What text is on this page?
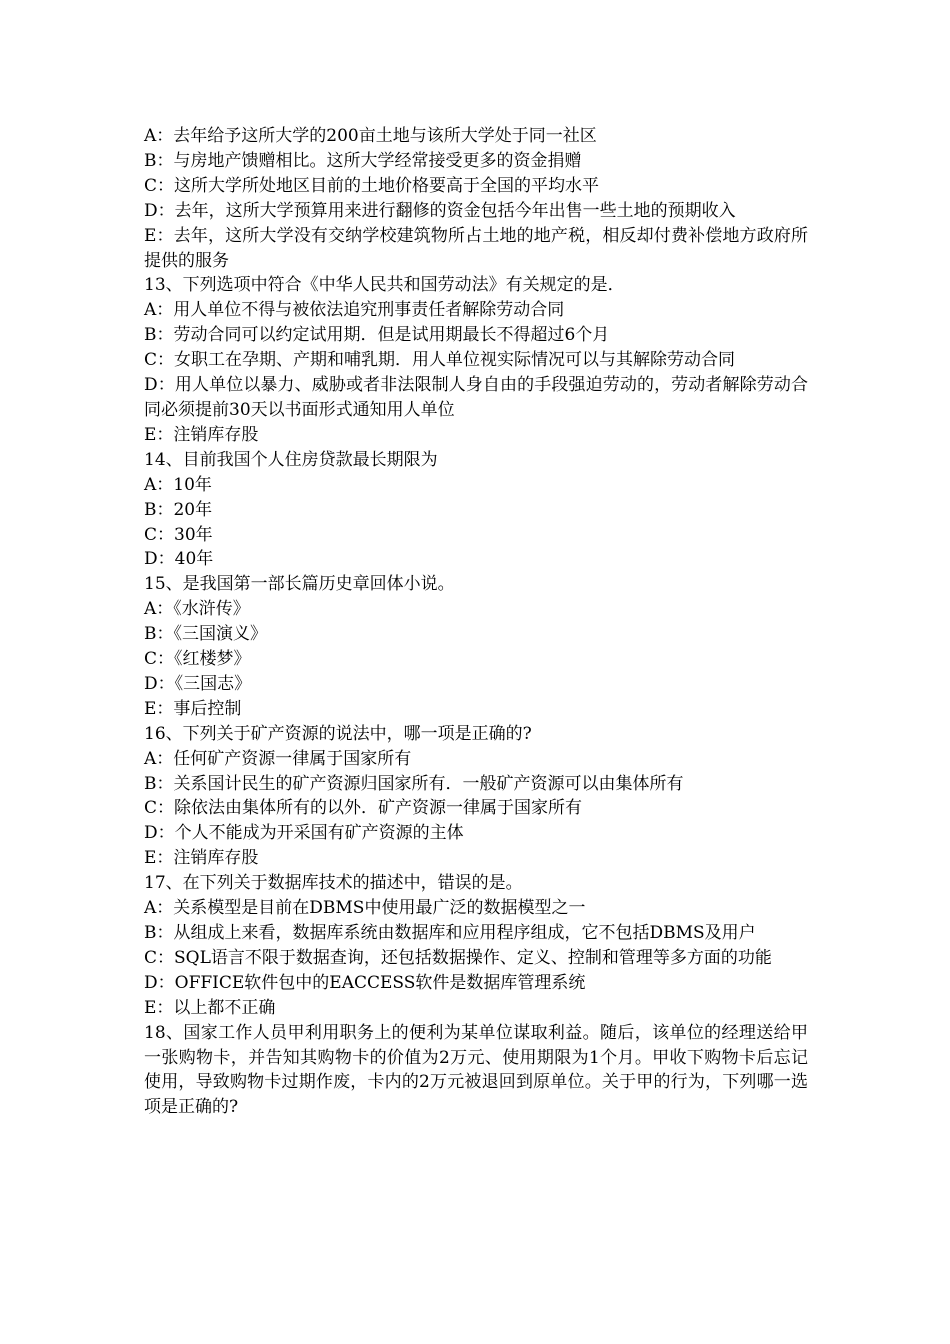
A：去年给予这所大学的200亩土地与该所大学处于同一社区

B：与房地产馈赠相比。这所大学经常接受更多的资金捐赠

C：这所大学所处地区目前的土地价格要高于全国的平均水平

D：去年，这所大学预算用来进行翻修的资金包括今年出售一些土地的预期收入

E：去年，这所大学没有交纳学校建筑物所占土地的地产税，相反却付费补偿地方政府所提供的服务

13、下列选项中符合《中华人民共和国劳动法》有关规定的是．

A：用人单位不得与被依法追究刑事责任者解除劳动合同

B：劳动合同可以约定试用期．但是试用期最长不得超过6个月

C：女职工在孕期、产期和哺乳期．用人单位视实际情况可以与其解除劳动合同

D：用人单位以暴力、威胁或者非法限制人身自由的手段强迫劳动的，劳动者解除劳动合同必须提前30天以书面形式通知用人单位

E：注销库存股

14、目前我国个人住房贷款最长期限为

A：10年

B：20年

C：30年

D：40年

15、是我国第一部长篇历史章回体小说。

A：《水浒传》

B：《三国演义》

C：《红楼梦》

D：《三国志》

E：事后控制

16、下列关于矿产资源的说法中，哪一项是正确的?

A：任何矿产资源一律属于国家所有

B：关系国计民生的矿产资源归国家所有．一般矿产资源可以由集体所有

C：除依法由集体所有的以外．矿产资源一律属于国家所有

D：个人不能成为开采国有矿产资源的主体

E：注销库存股

17、在下列关于数据库技术的描述中，错误的是。

A：关系模型是目前在DBMS中使用最广泛的数据模型之一

B：从组成上来看，数据库系统由数据库和应用程序组成，它不包括DBMS及用户

C：SQL语言不限于数据查询，还包括数据操作、定义、控制和管理等多方面的功能

D：OFFICE软件包中的EACCESS软件是数据库管理系统

E：以上都不正确

18、国家工作人员甲利用职务上的便利为某单位谋取利益。随后，该单位的经理送给甲一张购物卡，并告知其购物卡的价值为2万元、使用期限为1个月。甲收下购物卡后忘记使用，导致购物卡过期作废，卡内的2万元被退回到原单位。关于甲的行为，下列哪一选项是正确的?
